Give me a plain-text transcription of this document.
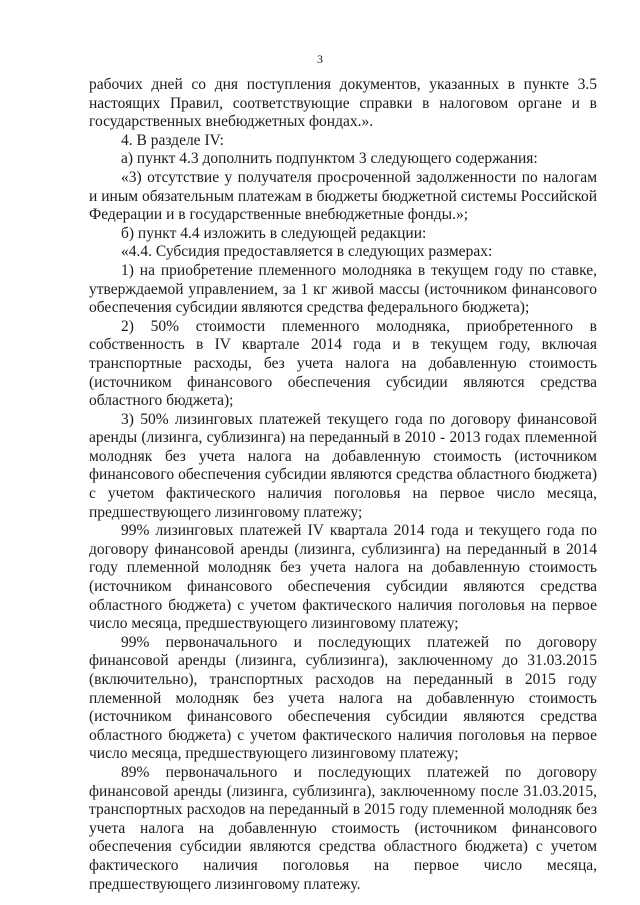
3

рабочих дней со дня поступления документов, указанных в пункте 3.5 настоящих Правил, соответствующие справки в налоговом органе и в государственных внебюджетных фондах.».

4. В разделе IV:

а) пункт 4.3 дополнить подпунктом 3 следующего содержания:

«3) отсутствие у получателя просроченной задолженности по налогам и иным обязательным платежам в бюджеты бюджетной системы Российской Федерации и в государственные внебюджетные фонды.»;

б) пункт 4.4 изложить в следующей редакции:

«4.4. Субсидия предоставляется в следующих размерах:

1) на приобретение племенного молодняка в текущем году по ставке, утверждаемой управлением, за 1 кг живой массы (источником финансового обеспечения субсидии являются средства федерального бюджета);

2) 50% стоимости племенного молодняка, приобретенного в собственность в IV квартале 2014 года и в текущем году, включая транспортные расходы, без учета налога на добавленную стоимость (источником финансового обеспечения субсидии являются средства областного бюджета);

3) 50% лизинговых платежей текущего года по договору финансовой аренды (лизинга, сублизинга) на переданный в 2010 - 2013 годах племенной молодняк без учета налога на добавленную стоимость (источником финансового обеспечения субсидии являются средства областного бюджета) с учетом фактического наличия поголовья на первое число месяца, предшествующего лизинговому платежу;

99% лизинговых платежей IV квартала 2014 года и текущего года по договору финансовой аренды (лизинга, сублизинга) на переданный в 2014 году племенной молодняк без учета налога на добавленную стоимость (источником финансового обеспечения субсидии являются средства областного бюджета) с учетом фактического наличия поголовья на первое число месяца, предшествующего лизинговому платежу;

99% первоначального и последующих платежей по договору финансовой аренды (лизинга, сублизинга), заключенному до 31.03.2015 (включительно), транспортных расходов на переданный в 2015 году племенной молодняк без учета налога на добавленную стоимость (источником финансового обеспечения субсидии являются средства областного бюджета) с учетом фактического наличия поголовья на первое число месяца, предшествующего лизинговому платежу;

89% первоначального и последующих платежей по договору финансовой аренды (лизинга, сублизинга), заключенному после 31.03.2015, транспортных расходов на переданный в 2015 году племенной молодняк без учета налога на добавленную стоимость (источником финансового обеспечения субсидии являются средства областного бюджета) с учетом фактического наличия поголовья на первое число месяца, предшествующего лизинговому платежу.
